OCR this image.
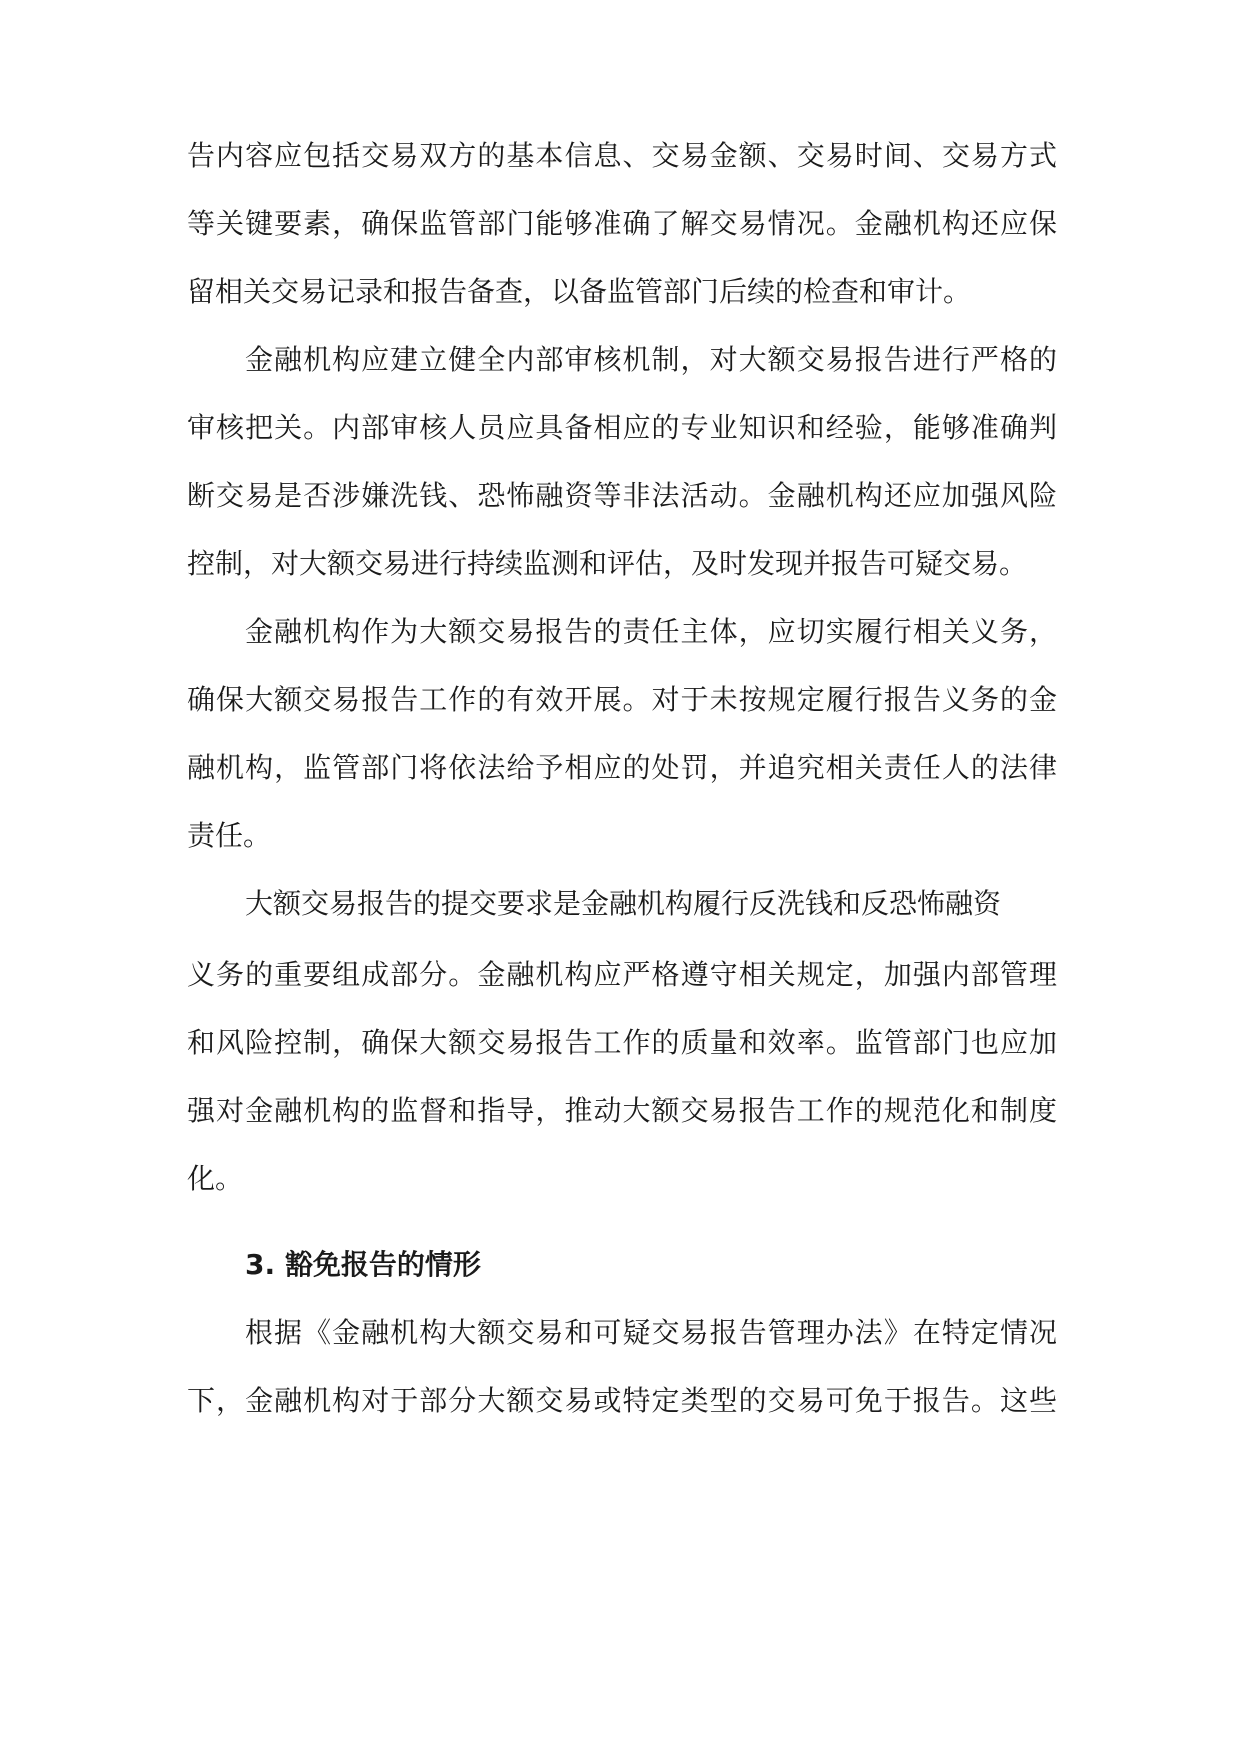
告内容应包括交易双方的基本信息、交易金额、交易时间、交易方式
等关键要素，确保监管部门能够准确了解交易情况。金融机构还应保
留相关交易记录和报告备查，以备监管部门后续的检查和审计。
金融机构应建立健全内部审核机制，对大额交易报告进行严格的
审核把关。内部审核人员应具备相应的专业知识和经验，能够准确判
断交易是否涉嫌洗钱、恐怖融资等非法活动。金融机构还应加强风险
控制，对大额交易进行持续监测和评估，及时发现并报告可疑交易。
金融机构作为大额交易报告的责任主体，应切实履行相关义务，
确保大额交易报告工作的有效开展。对于未按规定履行报告义务的金
融机构，监管部门将依法给予相应的处罚，并追究相关责任人的法律
责任。
大额交易报告的提交要求是金融机构履行反洗钱和反恐怖融资
义务的重要组成部分。金融机构应严格遵守相关规定，加强内部管理
和风险控制，确保大额交易报告工作的质量和效率。监管部门也应加
强对金融机构的监督和指导，推动大额交易报告工作的规范化和制度
化。
3. 豁免报告的情形
根据《金融机构大额交易和可疑交易报告管理办法》在特定情况
下，金融机构对于部分大额交易或特定类型的交易可免于报告。这些
